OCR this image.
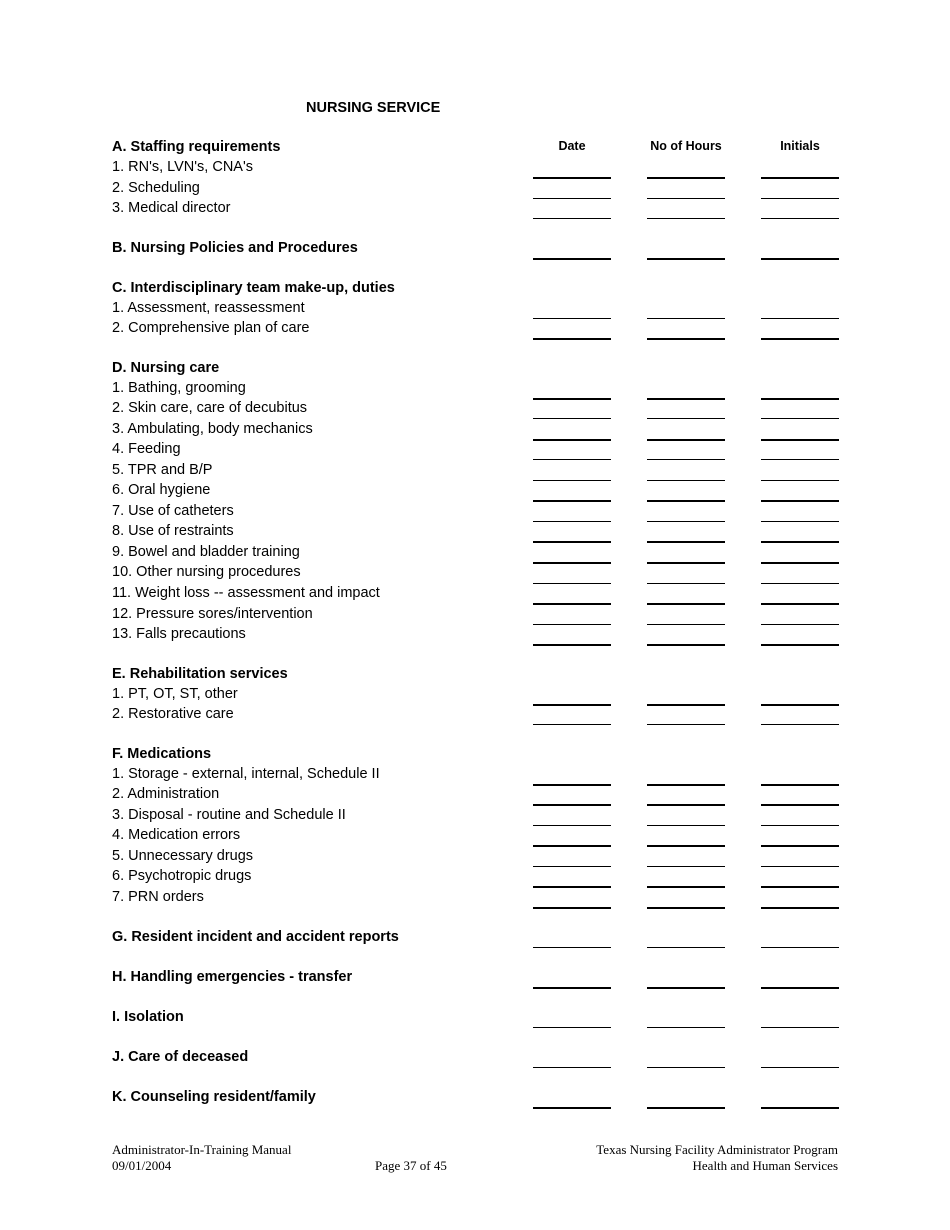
NURSING SERVICE
Date	No of Hours	Initials
A. Staffing requirements
1. RN's, LVN's, CNA's
2. Scheduling
3. Medical director
B. Nursing Policies and Procedures
C. Interdisciplinary team make-up, duties
1. Assessment, reassessment
2. Comprehensive plan of care
D. Nursing care
1. Bathing, grooming
2. Skin care, care of decubitus
3. Ambulating, body mechanics
4. Feeding
5. TPR and B/P
6. Oral hygiene
7. Use of catheters
8. Use of restraints
9. Bowel and bladder training
10. Other nursing procedures
11. Weight loss -- assessment and impact
12. Pressure sores/intervention
13. Falls precautions
E. Rehabilitation services
1. PT, OT, ST, other
2. Restorative care
F. Medications
1. Storage - external, internal, Schedule II
2. Administration
3. Disposal - routine and Schedule II
4. Medication errors
5. Unnecessary drugs
6. Psychotropic drugs
7. PRN orders
G. Resident incident and accident reports
H. Handling emergencies - transfer
I. Isolation
J. Care of deceased
K. Counseling resident/family
Administrator-In-Training Manual
09/01/2004	Page 37 of 45
Texas Nursing Facility Administrator Program
Health and Human Services
